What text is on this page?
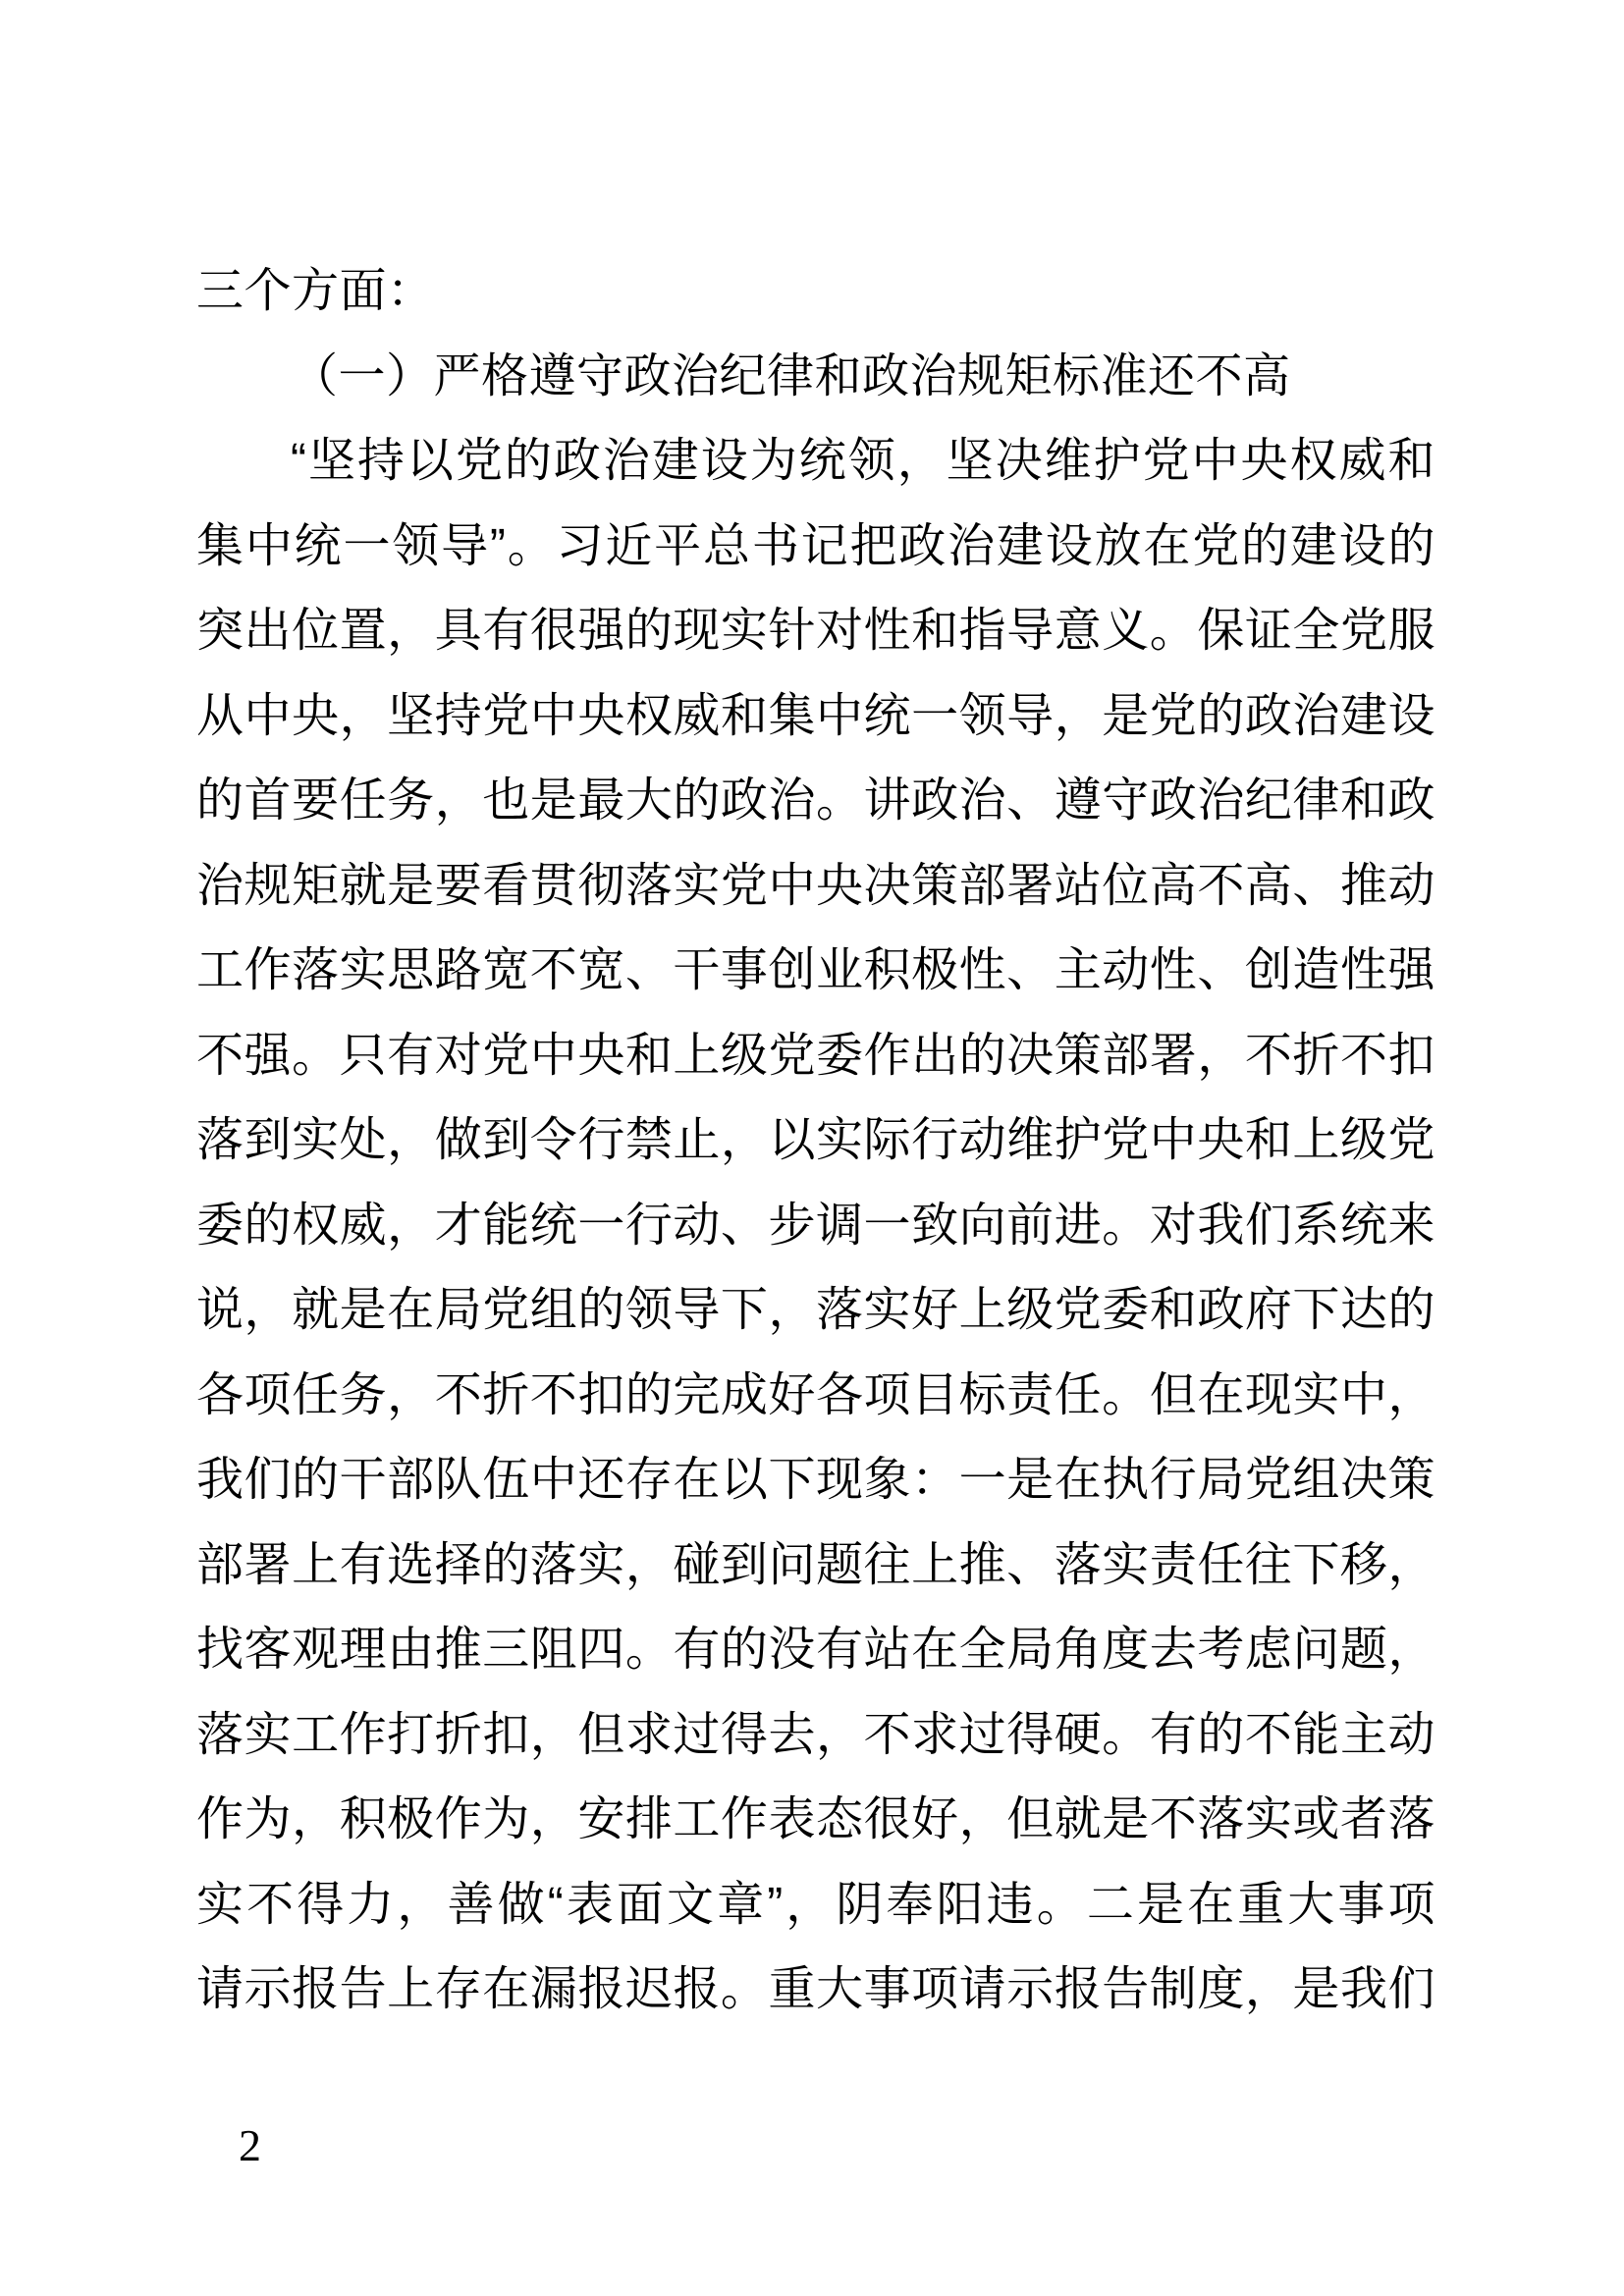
三个方面：
（一）严格遵守政治纪律和政治规矩标准还不高
“坚持以党的政治建设为统领，坚决维护党中央权威和
集中统一领导”。习近平总书记把政治建设放在党的建设的
突出位置，具有很强的现实针对性和指导意义。保证全党服
从中央，坚持党中央权威和集中统一领导，是党的政治建设
的首要任务，也是最大的政治。讲政治、遵守政治纪律和政
治规矩就是要看贯彻落实党中央决策部署站位高不高、推动
工作落实思路宽不宽、干事创业积极性、主动性、创造性强
不强。只有对党中央和上级党委作出的决策部署，不折不扣
落到实处，做到令行禁止，以实际行动维护党中央和上级党
委的权威，才能统一行动、步调一致向前进。对我们系统来
说，就是在局党组的领导下，落实好上级党委和政府下达的
各项任务，不折不扣的完成好各项目标责任。但在现实中，
我们的干部队伍中还存在以下现象：一是在执行局党组决策
部署上有选择的落实，碰到问题往上推、落实责任往下移，
找客观理由推三阻四。有的没有站在全局角度去考虑问题，
落实工作打折扣，但求过得去，不求过得硬。有的不能主动
作为，积极作为，安排工作表态很好，但就是不落实或者落
实不得力，善做“表面文章”，阴奉阳违。二是在重大事项
请示报告上存在漏报迟报。重大事项请示报告制度，是我们
2
